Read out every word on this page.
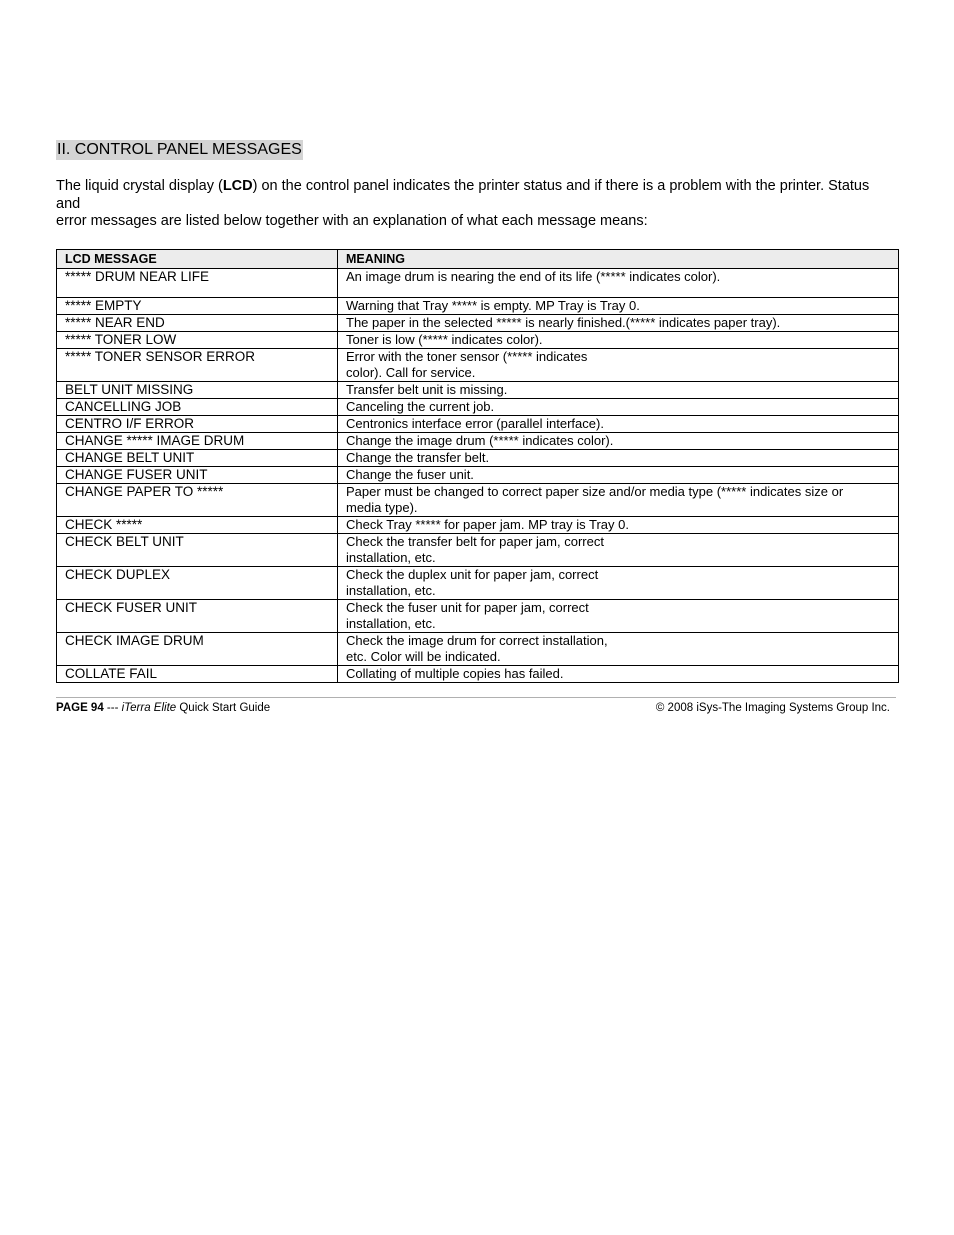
II. CONTROL PANEL MESSAGES
The liquid crystal display (LCD) on the control panel indicates the printer status and if there is a problem with the printer. Status and
error messages are listed below together with an explanation of what each message means:
LCD MESSAGE	MEANING
***** DRUM NEAR LIFE	An image drum is nearing the end of its life (***** indicates color).
***** EMPTY	Warning that Tray ***** is empty. MP Tray is Tray 0.
***** NEAR END	The paper in the selected ***** is nearly finished.(***** indicates paper tray).
***** TONER LOW	Toner is low (***** indicates color).
***** TONER SENSOR ERROR	Error with the toner sensor (***** indicates
color). Call for service.
BELT UNIT MISSING	Transfer belt unit is missing.
CANCELLING JOB	Canceling the current job.
CENTRO I/F ERROR	Centronics interface error (parallel interface).
CHANGE ***** IMAGE DRUM	Change the image drum (***** indicates color).
CHANGE BELT UNIT	Change the transfer belt.
CHANGE FUSER UNIT	Change the fuser unit.
CHANGE PAPER TO *****	Paper must be changed to correct paper size and/or media type (***** indicates size or
media type).
CHECK *****	Check Tray ***** for paper jam. MP tray is Tray 0.
CHECK BELT UNIT	Check the transfer belt for paper jam, correct
installation, etc.
CHECK DUPLEX	Check the duplex unit for paper jam, correct
installation, etc.
CHECK FUSER UNIT	Check the fuser unit for paper jam, correct
installation, etc.
CHECK IMAGE DRUM	Check the image drum for correct installation,
etc. Color will be indicated.
COLLATE FAIL	Collating of multiple copies has failed.
PAGE 94 --- iTerra Elite Quick Start Guide	© 2008 iSys-The Imaging Systems Group Inc.
